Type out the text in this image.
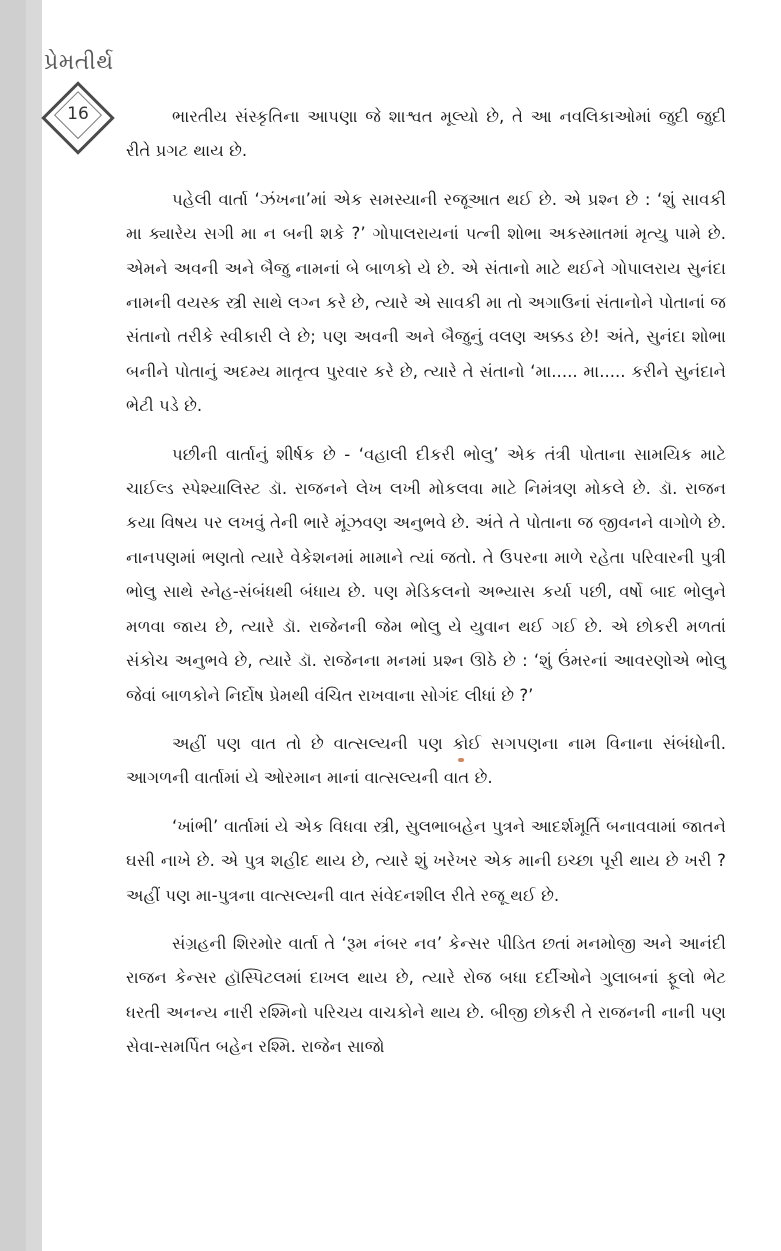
પ્રેમતીર્થ
16	ભારતીય સંસ્કૃતિના આપણા જે શાશ્વત મૂલ્યો છે, તે આ નવલિકાઓમાં જુદી જુદી રીતે પ્રગટ થાય છે.

પહેલી વાર્તા ‘ઝંખના’માં એક સમસ્યાની રજૂઆત થઈ છે. એ પ્રશ્ન છે : ‘શું સાવકી મા ક્યારેય સગી મા ન બની શકે ?’ ગોપાલરાયનાં પત્ની શોભા અકસ્માતમાં મૃત્યુ પામે છે. એમને અવની અને બૈજુ નામનાં બે બાળકો યે છે. એ સંતાનો માટે થઈને ગોપાલરાય સુનંદા નામની વયસ્ક સ્ત્રી સાથે લગ્ન કરે છે, ત્યારે એ સાવકી મા તો અગાઉનાં સંતાનોને પોતાનાં જ સંતાનો તરીકે સ્વીકારી લે છે; પણ અવની અને બૈજુનું વલણ અક્કડ છે! અંતે, સુનંદા શોભા બનીને પોતાનું અદમ્ય માતૃત્વ પુરવાર કરે છે, ત્યારે તે સંતાનો ‘મા..... મા..... કરીને સુનંદાને ભેટી પડે છે.

પછીની વાર્તાનું શીર્ષક છે - ‘વહાલી દીકરી ભોલુ’ એક તંત્રી પોતાના સામયિક માટે ચાઈલ્ડ સ્પેશ્યાલિસ્ટ ડૉ. રાજનને લેખ લખી મોકલવા માટે નિમંત્રણ મોકલે છે. ડૉ. રાજન કયા વિષય પર લખવું તેની ભારે મૂંઝવણ અનુભવે છે. અંતે તે પોતાના જ જીવનને વાગોળે છે. નાનપણમાં ભણતો ત્યારે વેકેશનમાં મામાને ત્યાં જતો. તે ઉપરના માળે રહેતા પરિવારની પુત્રી ભોલુ સાથે સ્નેહ-સંબંધથી બંધાય છે. પણ મેડિકલનો અભ્યાસ કર્યા પછી, વર્ષો બાદ ભોલુને મળવા જાય છે, ત્યારે ડૉ. રાજેનની જેમ ભોલુ યે યુવાન થઈ ગઈ છે. એ છોકરી મળતાં સંકોચ અનુભવે છે, ત્યારે ડૉ. રાજેનના મનમાં પ્રશ્ન ઊઠે છે : ‘શું ઉંમરનાં આવરણોએ ભોલુ જેવાં બાળકોને નિર્દોષ પ્રેમથી વંચિત રાખવાના સોગંદ લીધાં છે ?’

અહીં પણ વાત તો છે વાત્સલ્યની પણ કોઈ સગપણના નામ વિનાના સંબંધોની. આગળની વાર્તામાં યે ઓરમાન માનાં વાત્સલ્યની વાત છે.

‘ખાંભી’ વાર્તામાં યે એક વિધવા સ્ત્રી, સુલભાબહેન પુત્રને આદર્શમૂર્તિ બનાવવામાં જાતને ઘસી નાખે છે. એ પુત્ર શહીદ થાય છે, ત્યારે શું ખરેખર એક માની ઇચ્છા પૂરી થાય છે ખરી ? અહીં પણ મા-પુત્રના વાત્સલ્યની વાત સંવેદનશીલ રીતે રજૂ થઈ છે.

સંગ્રહની શિરમોર વાર્તા તે ‘રૂમ નંબર નવ’ કેન્સર પીડિત છતાં મનમોજી અને આનંદી રાજન કેન્સર હૉસ્પિટલમાં દાખલ થાય છે, ત્યારે રોજ બધા દર્દીઓને ગુલાબનાં ફૂલો ભેટ ધરતી અનન્ય નારી રશ્મિનો પરિચય વાચકોને થાય છે. બીજી છોકરી તે રાજનની નાની પણ સેવા-સમર્પિત બહેન રશ્મિ. રાજેન સાજો
